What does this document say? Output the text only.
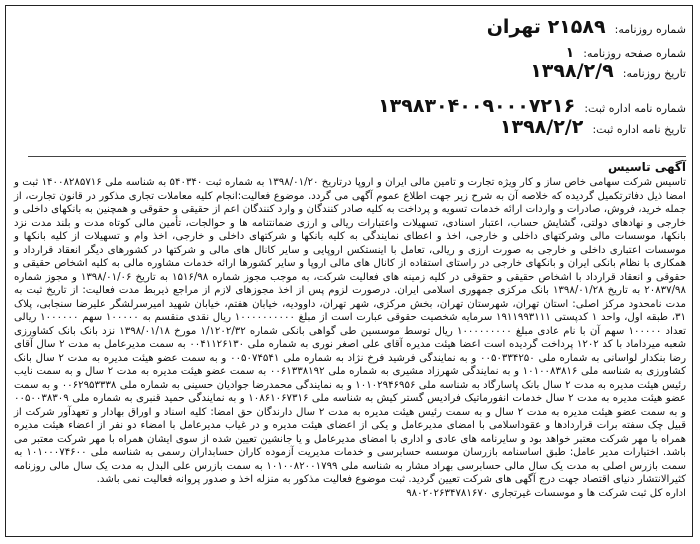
شماره روزنامه: ۲۱۵۸۹ تهران
شماره صفحه روزنامه: ۱
تاریخ روزنامه: ۱۳۹۸/۲/۹
شماره نامه اداره ثبت: ۱۳۹۸۳۰۴۰۰۹۰۰۰۷۲۱۶
تاریخ نامه اداره ثبت: ۱۳۹۸/۲/۲
آگهی تاسیس
تاسیس شرکت سهامی خاص ساز و کار ویژه تجارت و تامین مالی ایران و اروپا درتاریخ ۱۳۹۸/۰۱/۲۰ به شماره ثبت ۵۴۰۳۴۰ به شناسه ملی ۱۴۰۰۸۲۸۵۷۱۶ ثبت و امضا ذیل دفاترتکمیل گردیده که خلاصه آن به شرح زیر جهت اطلاع عموم آگهی می گردد. موضوع فعالیت:انجام کلیه معاملات تجاری مذکور در قانون تجارت، از جمله خرید، فروش، صادرات و واردات ارائه خدمات تسویه و پرداخت به کلیه صادر کنندگان و وارد کنندگان اعم از حقیقی و حقوقی و همچنین به بانکهای داخلی و خارجی و نهادهای دولتی، گشایش حساب، اعتبار اسنادی، تسهیلات واعتبارات ریالی و ارزی ضمانتنامه ها و حوالجات، تأمین مالی کوتاه مدت و بلند مدت نزد بانکها، موسسات مالی وشرکتهای داخلی و خارجی، اخذ و اعطای نمایندگی به کلیه بانکها و شرکتهای داخلی و خارجی، اخذ وام و تسهیلات از کلیه بانکها و موسسات اعتباری داخلی و خارجی به صورت ارزی و ریالی، تعامل با اینستکس اروپایی و سایر کانال های مالی و شرکتها در کشورهای دیگر انعقاد قرارداد و همکاری با نظام بانکی ایران و بانکهای خارجی در راستای استفاده از کانال های مالی اروپا و سایر کشورها ارائه خدمات مشاوره مالی به کلیه اشخاص حقیقی و حقوقی و انعقاد قرارداد با اشخاص حقیقی و حقوقی در کلیه زمینه های فعالیت شرکت، به موجب مجوز شماره ۱۵۱۶/۹۸ به تاریخ ۱۳۹۸/۰۱/۰۶ و مجوز شماره ۲۰۸۳۷/۹۸ به تاریخ ۱۳۹۸/۰۱/۲۸ بانک مرکزی جمهوری اسلامی ایران. درصورت لزوم پس از اخذ مجوزهای لازم از مراجع ذیربط مدت فعالیت: از تاریخ ثبت به مدت نامحدود مرکز اصلی: استان تهران، شهرستان تهران، بخش مرکزی، شهر تهران، داوودیه، خیابان هفتم، خیابان شهید امیرسرلشگر علیرضا سنجابی، پلاک ۳۱، طبقه اول، واحد ۱ کدپستی ۱۹۱۱۹۹۳۱۱۱ سرمایه شخصیت حقوقی عبارت است از مبلغ ۱۰۰۰۰۰۰۰۰۰۰ ریال نقدی منقسم به ۱۰۰۰۰۰ سهم ۱۰۰۰۰۰۰ ریالی تعداد ۱۰۰۰۰۰ سهم آن با نام عادی مبلغ ۱۰۰۰۰۰۰۰۰۰ ریال توسط موسسین طی گواهی بانکی شماره ۱/۱۲۰۲/۳۲ مورخ ۱۳۹۸/۰۱/۱۸ نزد بانک بانک کشاورزی شعبه میرداماد با کد ۱۲۰۲ پرداخت گردیده است اعضا هیئت مدیره آقای علی اصغر نوری به شماره ملی ۰۰۴۱۱۲۶۱۳۰ به سمت مدیرعامل به مدت ۲ سال آقای رضا بنکدار لواسانی به شماره ملی ۰۰۵۰۳۳۴۲۵۰ و به نمایندگی فرشید فرخ نژاد به شماره ملی ۰۰۵۰۷۴۵۴۱ و به سمت عضو هیئت مدیره به مدت ۲ سال بانک کشاورزی به شناسه ملی ۱۰۱۰۰۸۳۸۱۶ و به نمایندگی شهرزاد مشیری به شماره ملی ۰۰۶۱۳۳۸۱۹۲ به سمت عضو هیئت مدیره به مدت ۲ سال و به سمت نایب رئیس هیئت مدیره به مدت ۲ سال بانک پاسارگاد به شناسه ملی ۱۰۱۰۲۹۴۶۹۵۶ و به نمایندگی محمدرضا جوادیان حسینی به شماره ملی ۰۰۶۲۹۵۳۳۳۸ و به سمت عضو هیئت مدیره به مدت ۲ سال خدمات انفورماتیک فرادیس گستر کیش به شناسه ملی ۱۰۸۶۱۰۶۷۳۱۶ و به نمایندگی حمید قنبری به شماره ملی ۰۰۵۰۰۳۸۳۰۹ و به سمت عضو هیئت مدیره به مدت ۲ سال و به سمت رئیس هیئت مدیره به مدت ۲ سال دارندگان حق امضا: کلیه اسناد و اوراق بهادار و تعهدآور شرکت از قبیل چک سفته برات قراردادها و عقوداسلامی با امضای مدیرعامل و یکی از اعضای هیئت مدیره و در غیاب مدیرعامل با امضاء دو نفر از اعضاء هیئت مدیره همراه با مهر شرکت معتبر خواهد بود و سایرنامه های عادی و اداری با امضای مدیرعامل و یا جانشین تعیین شده از سوی ایشان همراه با مهر شرکت معتبر می باشد. اختیارات مدیر عامل: طبق اساسنامه بازرسان موسسه حسابرسی و خدمات مدیریت آزموده کاران حسابداران رسمی به شناسه ملی ۱۰۱۰۰۰۷۴۶۰۰ به سمت بازرس اصلی به مدت یک سال مالی حسابرسی بهراد مشار به شناسه ملی ۱۰۱۰۰۸۲۰۰۱۷۹۹ به سمت بازرس علی البدل به مدت یک سال مالی روزنامه کثیرالانتشار دنیای اقتصاد جهت درج آگهی های شرکت تعیین گردید. ثبت موضوع فعالیت مذکور به منزله اخذ و صدور پروانه فعالیت نمی باشد.
اداره کل ثبت شرکت ها و موسسات غیرتجاری ۹۸۰۲۰۲۶۳۴۷۸۱۶۷۰
